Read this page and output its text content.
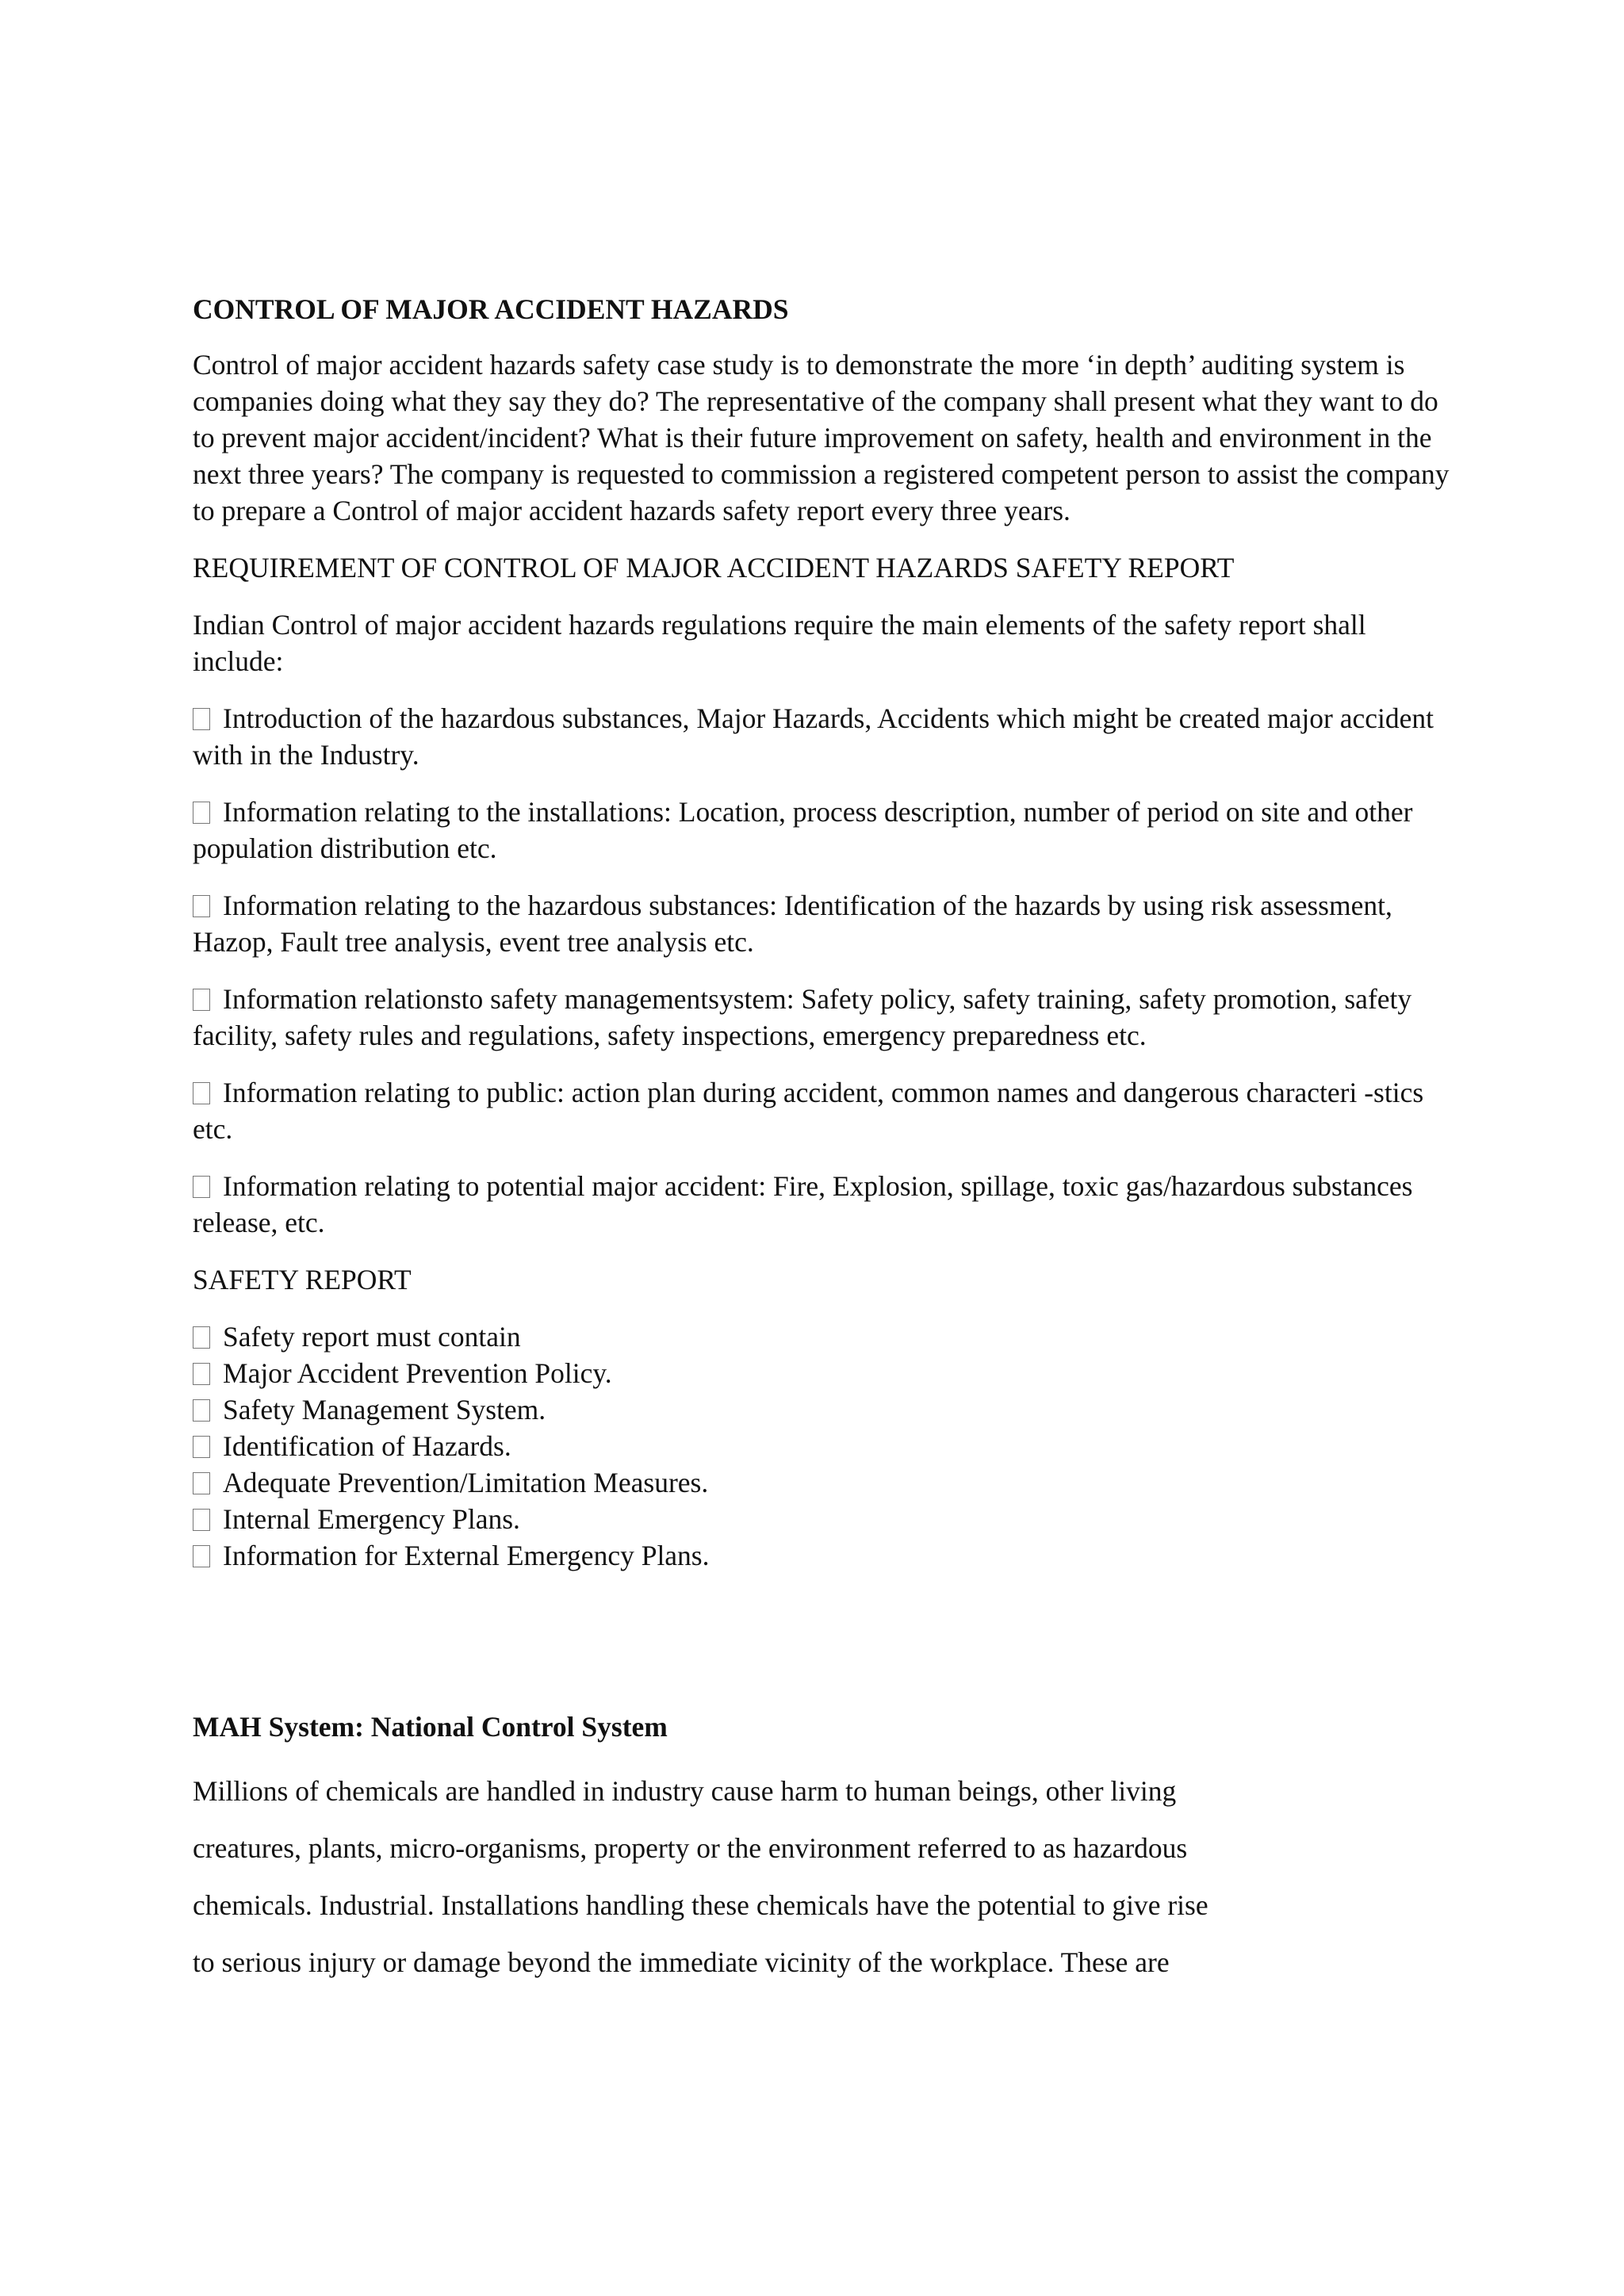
CONTROL OF MAJOR ACCIDENT HAZARDS
Control of major accident hazards safety case study is to demonstrate the more ‘in depth’ auditing system is companies doing what they say they do? The representative of the company shall present what they want to do to prevent major accident/incident? What is their future improvement on safety, health and environment in the next three years? The company is requested to commission a registered competent person to assist the company to prepare a Control of major accident hazards safety report every three years.
REQUIREMENT OF CONTROL OF MAJOR ACCIDENT HAZARDS SAFETY REPORT
Indian Control of major accident hazards regulations require the main elements of the safety report shall include:
Introduction of the hazardous substances, Major Hazards, Accidents which might be created major accident with in the Industry.
Information relating to the installations: Location, process description, number of period on site and other population distribution etc.
Information relating to the hazardous substances: Identification of the hazards by using risk assessment, Hazop, Fault tree analysis, event tree analysis etc.
Information relationsto safety managementsystem: Safety policy, safety training, safety promotion, safety facility, safety rules and regulations, safety inspections, emergency preparedness etc.
Information relating to public: action plan during accident, common names and dangerous characteri -stics etc.
Information relating to potential major accident: Fire, Explosion, spillage, toxic gas/hazardous substances release, etc.
SAFETY REPORT
Safety report must contain
Major Accident Prevention Policy.
Safety Management System.
Identification of Hazards.
Adequate Prevention/Limitation Measures.
Internal Emergency Plans.
Information for External Emergency Plans.
MAH System: National Control System

Millions of chemicals are handled in industry cause harm to human beings, other living

creatures, plants, micro-organisms, property or the environment referred to as hazardous

chemicals. Industrial. Installations handling these chemicals have the potential to give rise

to serious injury or damage beyond the immediate vicinity of the workplace. These are
